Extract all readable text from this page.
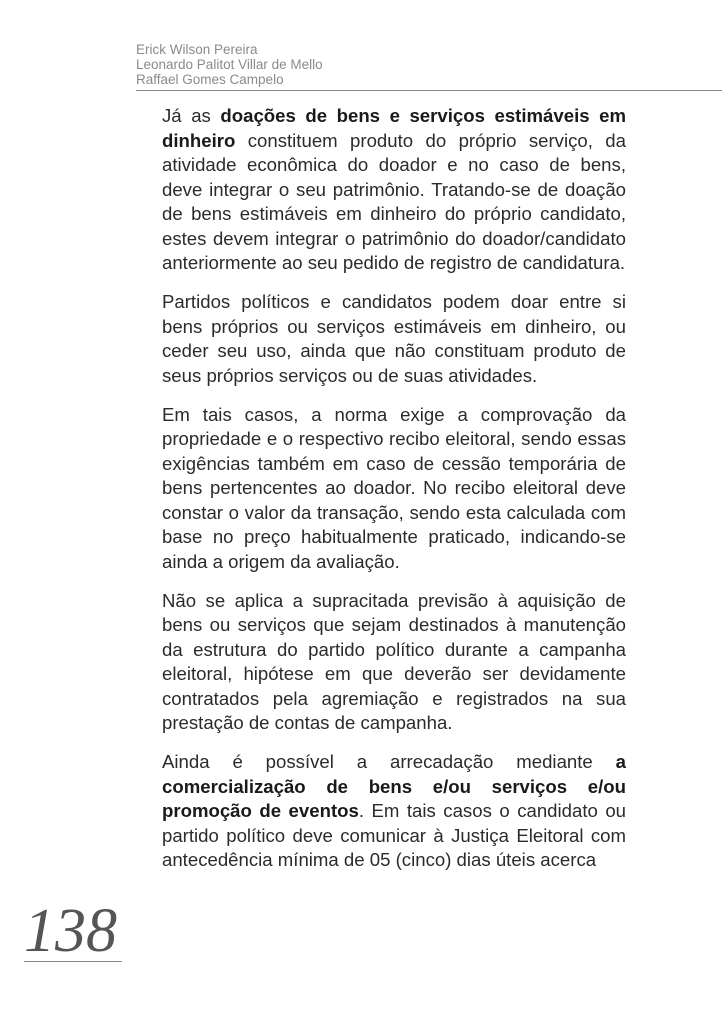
Erick Wilson Pereira
Leonardo Palitot Villar de Mello
Raffael Gomes Campelo

Já as doações de bens e serviços estimáveis em dinheiro constituem produto do próprio serviço, da atividade econômica do doador e no caso de bens, deve integrar o seu patrimônio. Tratando-se de doação de bens estimáveis em dinheiro do próprio candidato, estes devem integrar o patrimônio do doador/candidato anteriormente ao seu pedido de registro de candidatura.

Partidos políticos e candidatos podem doar entre si bens próprios ou serviços estimáveis em dinheiro, ou ceder seu uso, ainda que não constituam produto de seus próprios serviços ou de suas atividades.

Em tais casos, a norma exige a comprovação da propriedade e o respectivo recibo eleitoral, sendo essas exigências também em caso de cessão temporária de bens pertencentes ao doador. No recibo eleitoral deve constar o valor da transação, sendo esta calculada com base no preço habitualmente praticado, indicando-se ainda a origem da avaliação.

Não se aplica a supracitada previsão à aquisição de bens ou serviços que sejam destinados à manutenção da estrutura do partido político durante a campanha eleitoral, hipótese em que deverão ser devidamente contratados pela agremiação e registrados na sua prestação de contas de campanha.

Ainda é possível a arrecadação mediante a comercialização de bens e/ou serviços e/ou promoção de eventos. Em tais casos o candidato ou partido político deve comunicar à Justiça Eleitoral com antecedência mínima de 05 (cinco) dias úteis acerca

138
